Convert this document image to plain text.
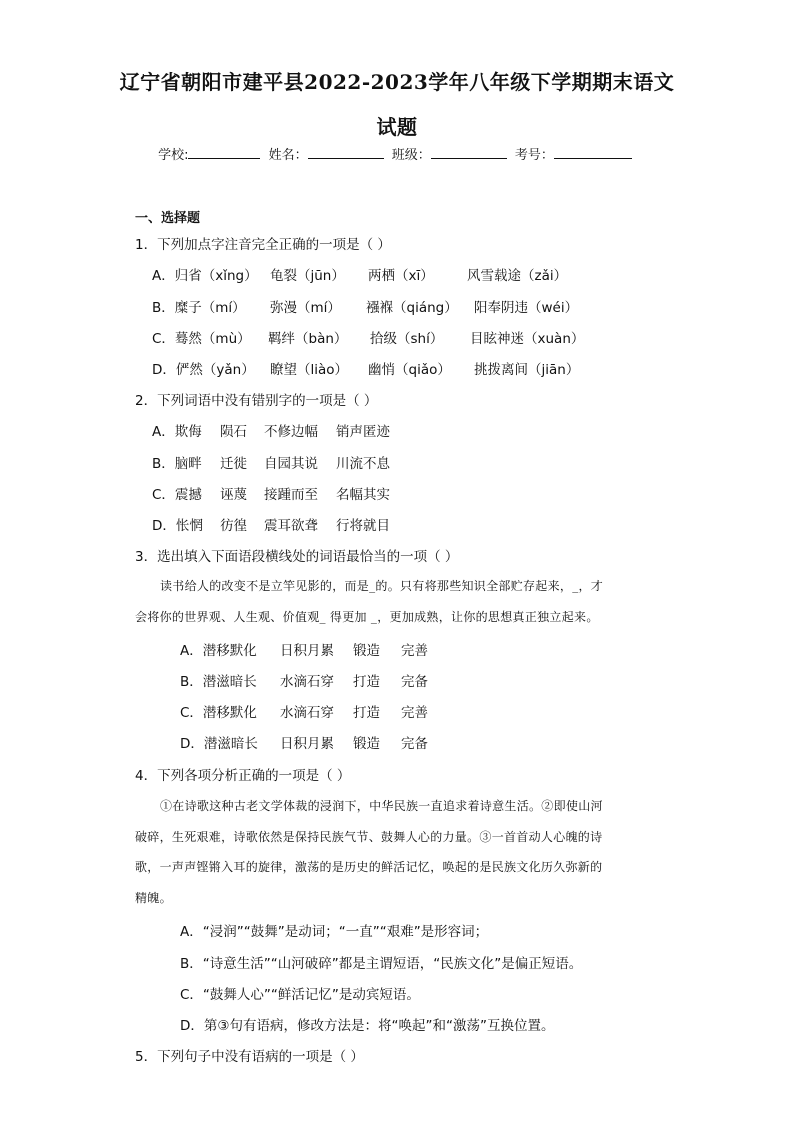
辽宁省朝阳市建平县2022-2023学年八年级下学期期末语文
试题
学校:	姓名：	班级：	考号：
一、选择题
1．下列加点字注音完全正确的一项是（ ）
A．归省（xǐng） 龟裂（jūn） 两栖（xī） 风雪载途（zǎi）
B．糜子（mí） 弥漫（mí） 襁褓（qiáng） 阳奉阴违（wéi）
C．蓦然（mù） 羁绊（bàn） 拾级（shí） 目眩神迷（xuàn）
D．俨然（yǎn） 瞭望（liào） 幽悄（qiǎo） 挑拨离间（jiān）
2．下列词语中没有错别字的一项是（ ）
A．欺侮 陨石 不修边幅 销声匿迹
B．脑畔 迁徙 自园其说 川流不息
C．震撼 诬蔑 接踵而至 名幅其实
D．怅惘 彷徨 震耳欲聋 行将就目
3．选出填入下面语段横线处的词语最恰当的一项（ ）
读书给人的改变不是立竿见影的，而是_的。只有将那些知识全部贮存起来，_，才
会将你的世界观、人生观、价值观_ 得更加 _，更加成熟，让你的思想真正独立起来。
A．潜移默化 日积月累 锻造 完善
B．潜滋暗长 水滴石穿 打造 完备
C．潜移默化 水滴石穿 打造 完善
D．潜滋暗长 日积月累 锻造 完备
4．下列各项分析正确的一项是（ ）
①在诗歌这种古老文学体裁的浸润下，中华民族一直追求着诗意生活。②即使山河
破碎，生死艰难，诗歌依然是保持民族气节、鼓舞人心的力量。③一首首动人心魄的诗
歌，一声声铿锵入耳的旋律，激荡的是历史的鲜活记忆，唤起的是民族文化历久弥新的
精魄。
A．“浸润”“鼓舞”是动词；“一直”“艰难”是形容词；
B．“诗意生活”“山河破碎”都是主谓短语，“民族文化”是偏正短语。
C．“鼓舞人心”“鲜活记忆”是动宾短语。
D．第③句有语病，修改方法是：将“唤起”和“激荡”互换位置。
5．下列句子中没有语病的一项是（ ）
